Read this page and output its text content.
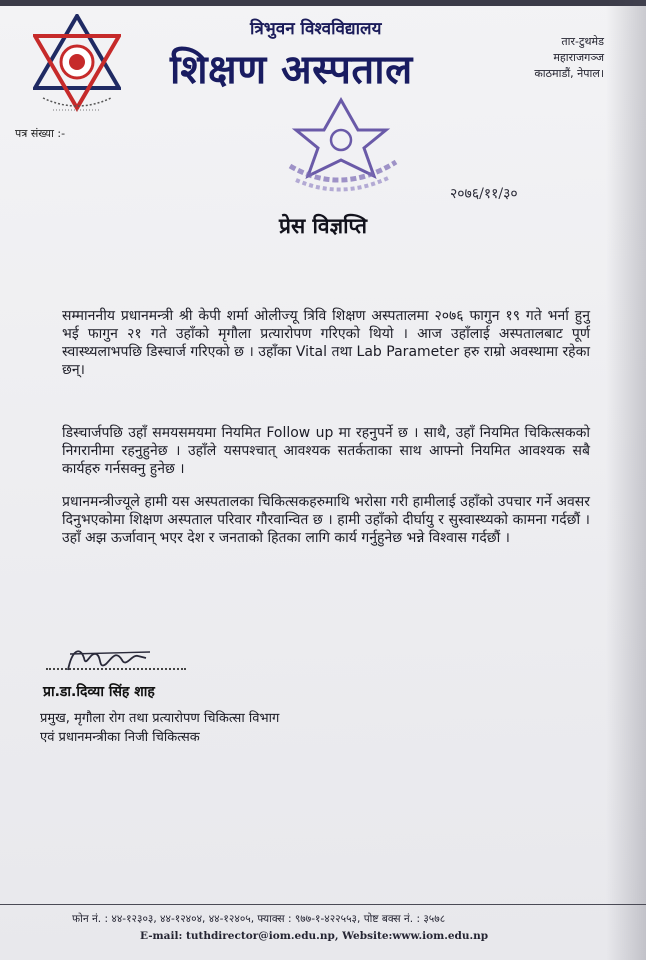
त्रिभुवन विश्वविद्यालय
शिक्षण अस्पताल
तार-टुथमेड
महाराजगञ्ज
काठमाडौं, नेपाल।
पत्र संख्या :-
२०७६/११/३०
प्रेस विज्ञप्ति
सम्माननीय प्रधानमन्त्री श्री केपी शर्मा ओलीज्यू त्रिवि शिक्षण अस्पतालमा २०७६ फागुन १९ गते भर्ना हुनु भई फागुन २१ गते उहाँको मृगौला प्रत्यारोपण गरिएको थियो । आज उहाँलाई अस्पतालबाट पूर्ण स्वास्थ्यलाभपछि डिस्चार्ज गरिएको छ । उहाँका Vital तथा Lab Parameter हरु राम्रो अवस्थामा रहेका छन्।
डिस्चार्जपछि उहाँ समयसमयमा नियमित Follow up मा रहनुपर्ने छ । साथै, उहाँ नियमित चिकित्सकको निगरानीमा रहनुहुनेछ । उहाँले यसपश्चात् आवश्यक सतर्कताका साथ आफ्नो नियमित आवश्यक सबै कार्यहरु गर्नसक्नु हुनेछ ।
प्रधानमन्त्रीज्यूले हामी यस अस्पतालका चिकित्सकहरुमाथि भरोसा गरी हामीलाई उहाँको उपचार गर्ने अवसर दिनुभएकोमा शिक्षण अस्पताल परिवार गौरवान्वित छ । हामी उहाँको दीर्घायु र सुस्वास्थ्यको कामना गर्दछौं । उहाँ अझ ऊर्जावान् भएर देश र जनताको हितका लागि कार्य गर्नुहुनेछ भन्ने विश्वास गर्दछौं ।
प्रा.डा.दिव्या सिंह शाह
प्रमुख, मृगौला रोग तथा प्रत्यारोपण चिकित्सा विभाग
एवं प्रधानमन्त्रीका निजी चिकित्सक
फोन नं. : ४४-१२३०३, ४४-१२४०४, ४४-१२४०५, फ्याक्स : ९७७-१-४२२५५३, पोष्ट बक्स नं. : ३५७८
E-mail: tuthdirector@iom.edu.np, Website:www.iom.edu.np
